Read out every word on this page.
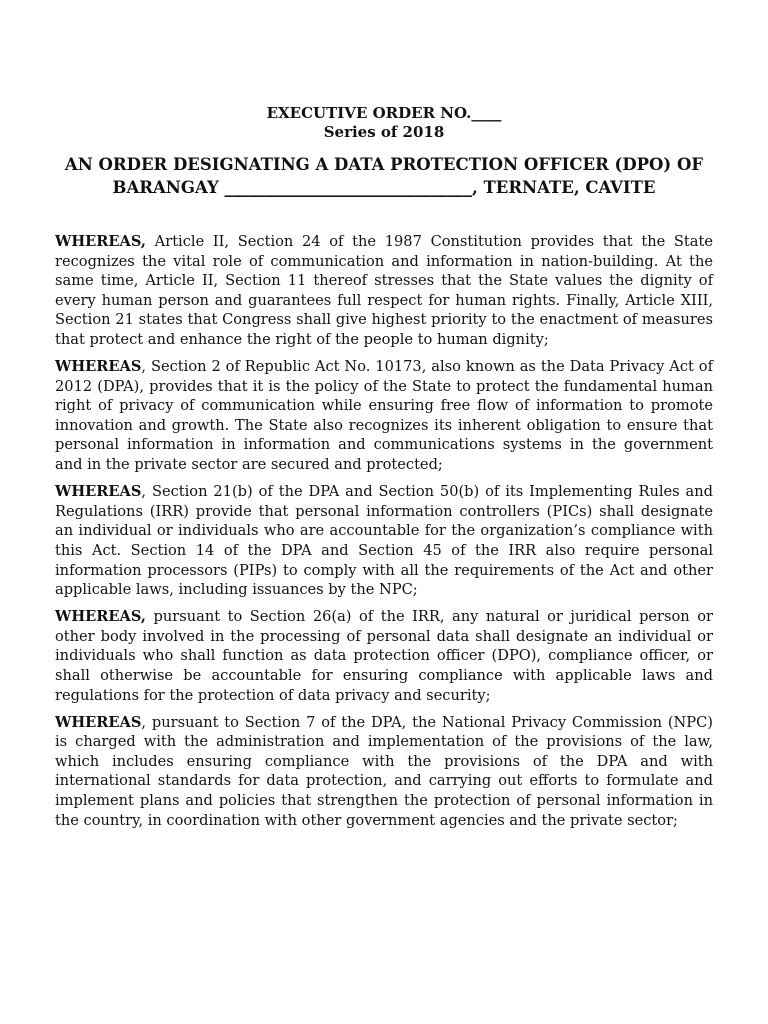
EXECUTIVE ORDER NO.____
Series of 2018
AN ORDER DESIGNATING A DATA PROTECTION OFFICER (DPO) OF
BARANGAY ______________________________, TERNATE, CAVITE

WHEREAS, Article II, Section 24 of the 1987 Constitution provides that the State recognizes the vital role of communication and information in nation-building. At the same time, Article II, Section 11 thereof stresses that the State values the dignity of every human person and guarantees full respect for human rights. Finally, Article XIII, Section 21 states that Congress shall give highest priority to the enactment of measures that protect and enhance the right of the people to human dignity;

WHEREAS, Section 2 of Republic Act No. 10173, also known as the Data Privacy Act of 2012 (DPA), provides that it is the policy of the State to protect the fundamental human right of privacy of communication while ensuring free flow of information to promote innovation and growth. The State also recognizes its inherent obligation to ensure that personal information in information and communications systems in the government and in the private sector are secured and protected;

WHEREAS, Section 21(b) of the DPA and Section 50(b) of its Implementing Rules and Regulations (IRR) provide that personal information controllers (PICs) shall designate an individual or individuals who are accountable for the organization’s compliance with this Act. Section 14 of the DPA and Section 45 of the IRR also require personal information processors (PIPs) to comply with all the requirements of the Act and other applicable laws, including issuances by the NPC;

WHEREAS, pursuant to Section 26(a) of the IRR, any natural or juridical person or other body involved in the processing of personal data shall designate an individual or individuals who shall function as data protection officer (DPO), compliance officer, or shall otherwise be accountable for ensuring compliance with applicable laws and regulations for the protection of data privacy and security;

WHEREAS, pursuant to Section 7 of the DPA, the National Privacy Commission (NPC) is charged with the administration and implementation of the provisions of the law, which includes ensuring compliance with the provisions of the DPA and with international standards for data protection, and carrying out efforts to formulate and implement plans and policies that strengthen the protection of personal information in the country, in coordination with other government agencies and the private sector;
